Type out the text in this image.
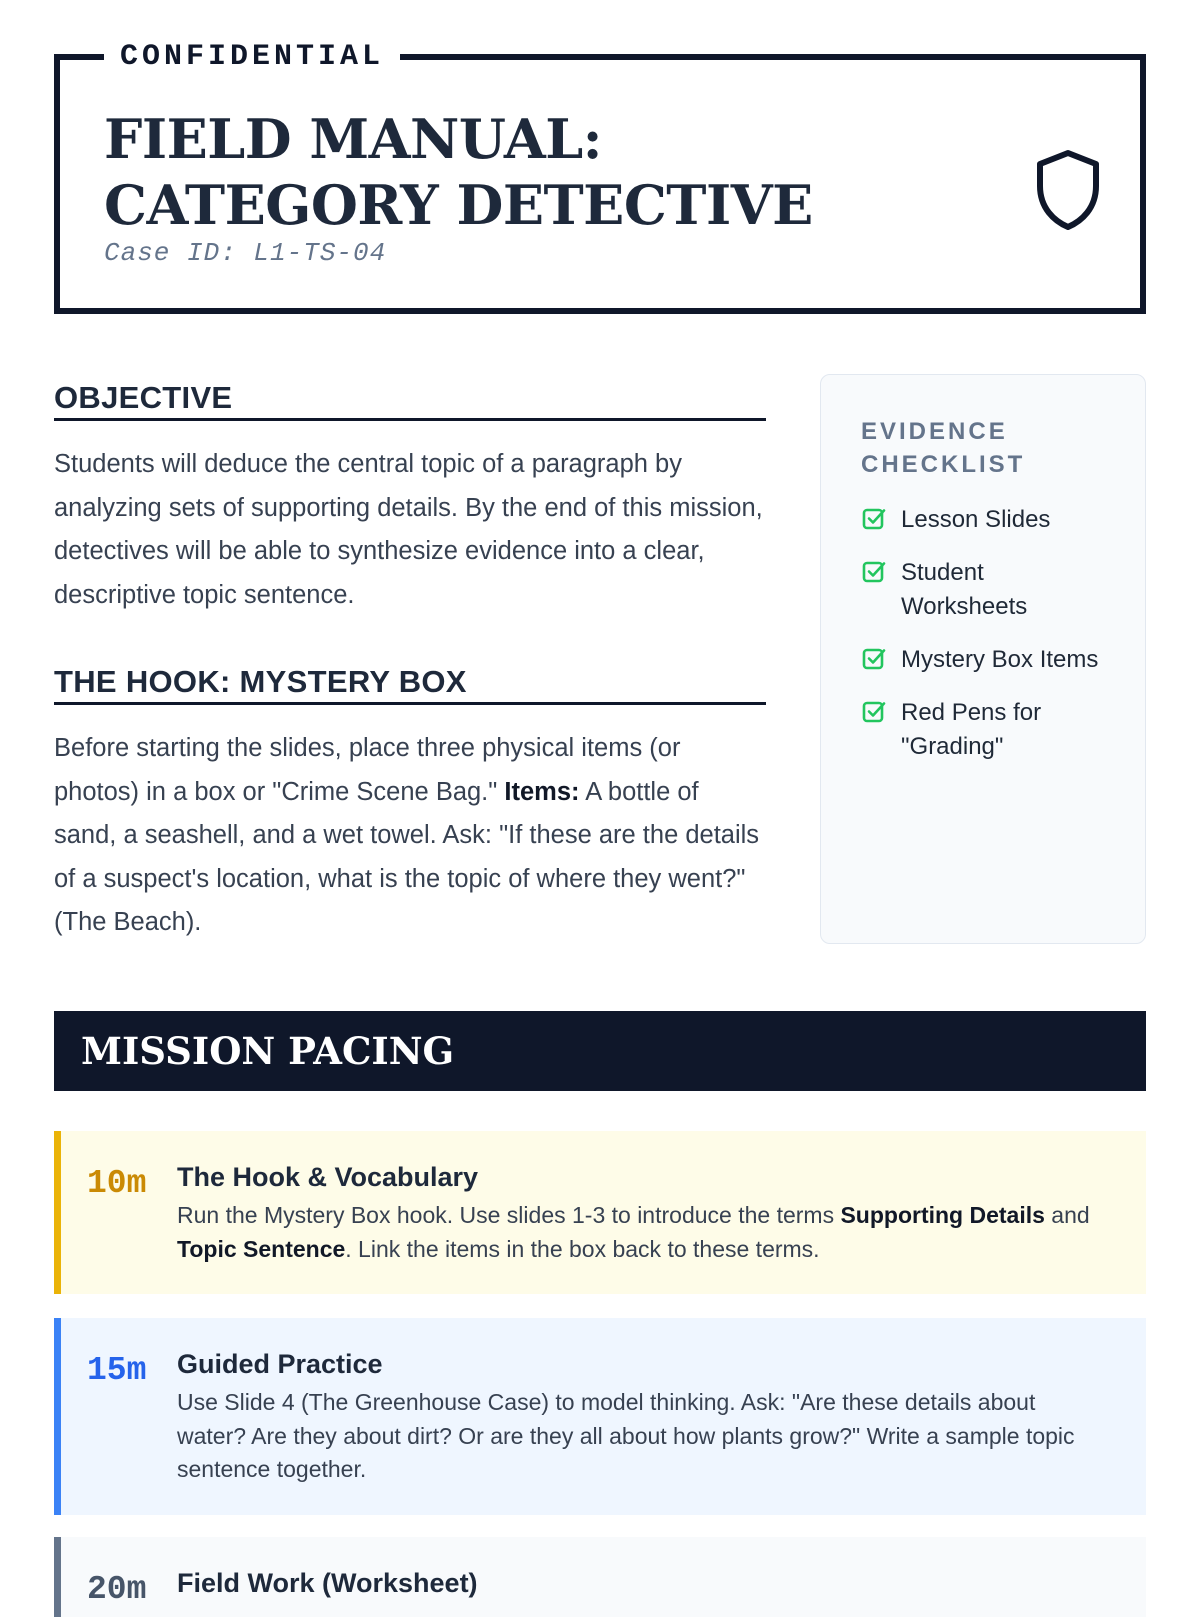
CONFIDENTIAL
FIELD MANUAL: CATEGORY DETECTIVE
Case ID: L1-TS-04
OBJECTIVE

Students will deduce the central topic of a paragraph by analyzing sets of supporting details. By the end of this mission, detectives will be able to synthesize evidence into a clear, descriptive topic sentence.

THE HOOK: MYSTERY BOX

Before starting the slides, place three physical items (or photos) in a box or "Crime Scene Bag." Items: A bottle of sand, a seashell, and a wet towel. Ask: "If these are the details of a suspect's location, what is the topic of where they went?" (The Beach).

EVIDENCE CHECKLIST
Lesson Slides
Student Worksheets
Mystery Box Items
Red Pens for "Grading"
MISSION PACING
10m The Hook & Vocabulary

Run the Mystery Box hook. Use slides 1-3 to introduce the terms Supporting Details and Topic Sentence. Link the items in the box back to these terms.

15m Guided Practice

Use Slide 4 (The Greenhouse Case) to model thinking. Ask: "Are these details about water? Are they about dirt? Or are they all about how plants grow?" Write a sample topic sentence together.

20m Field Work (Worksheet)
